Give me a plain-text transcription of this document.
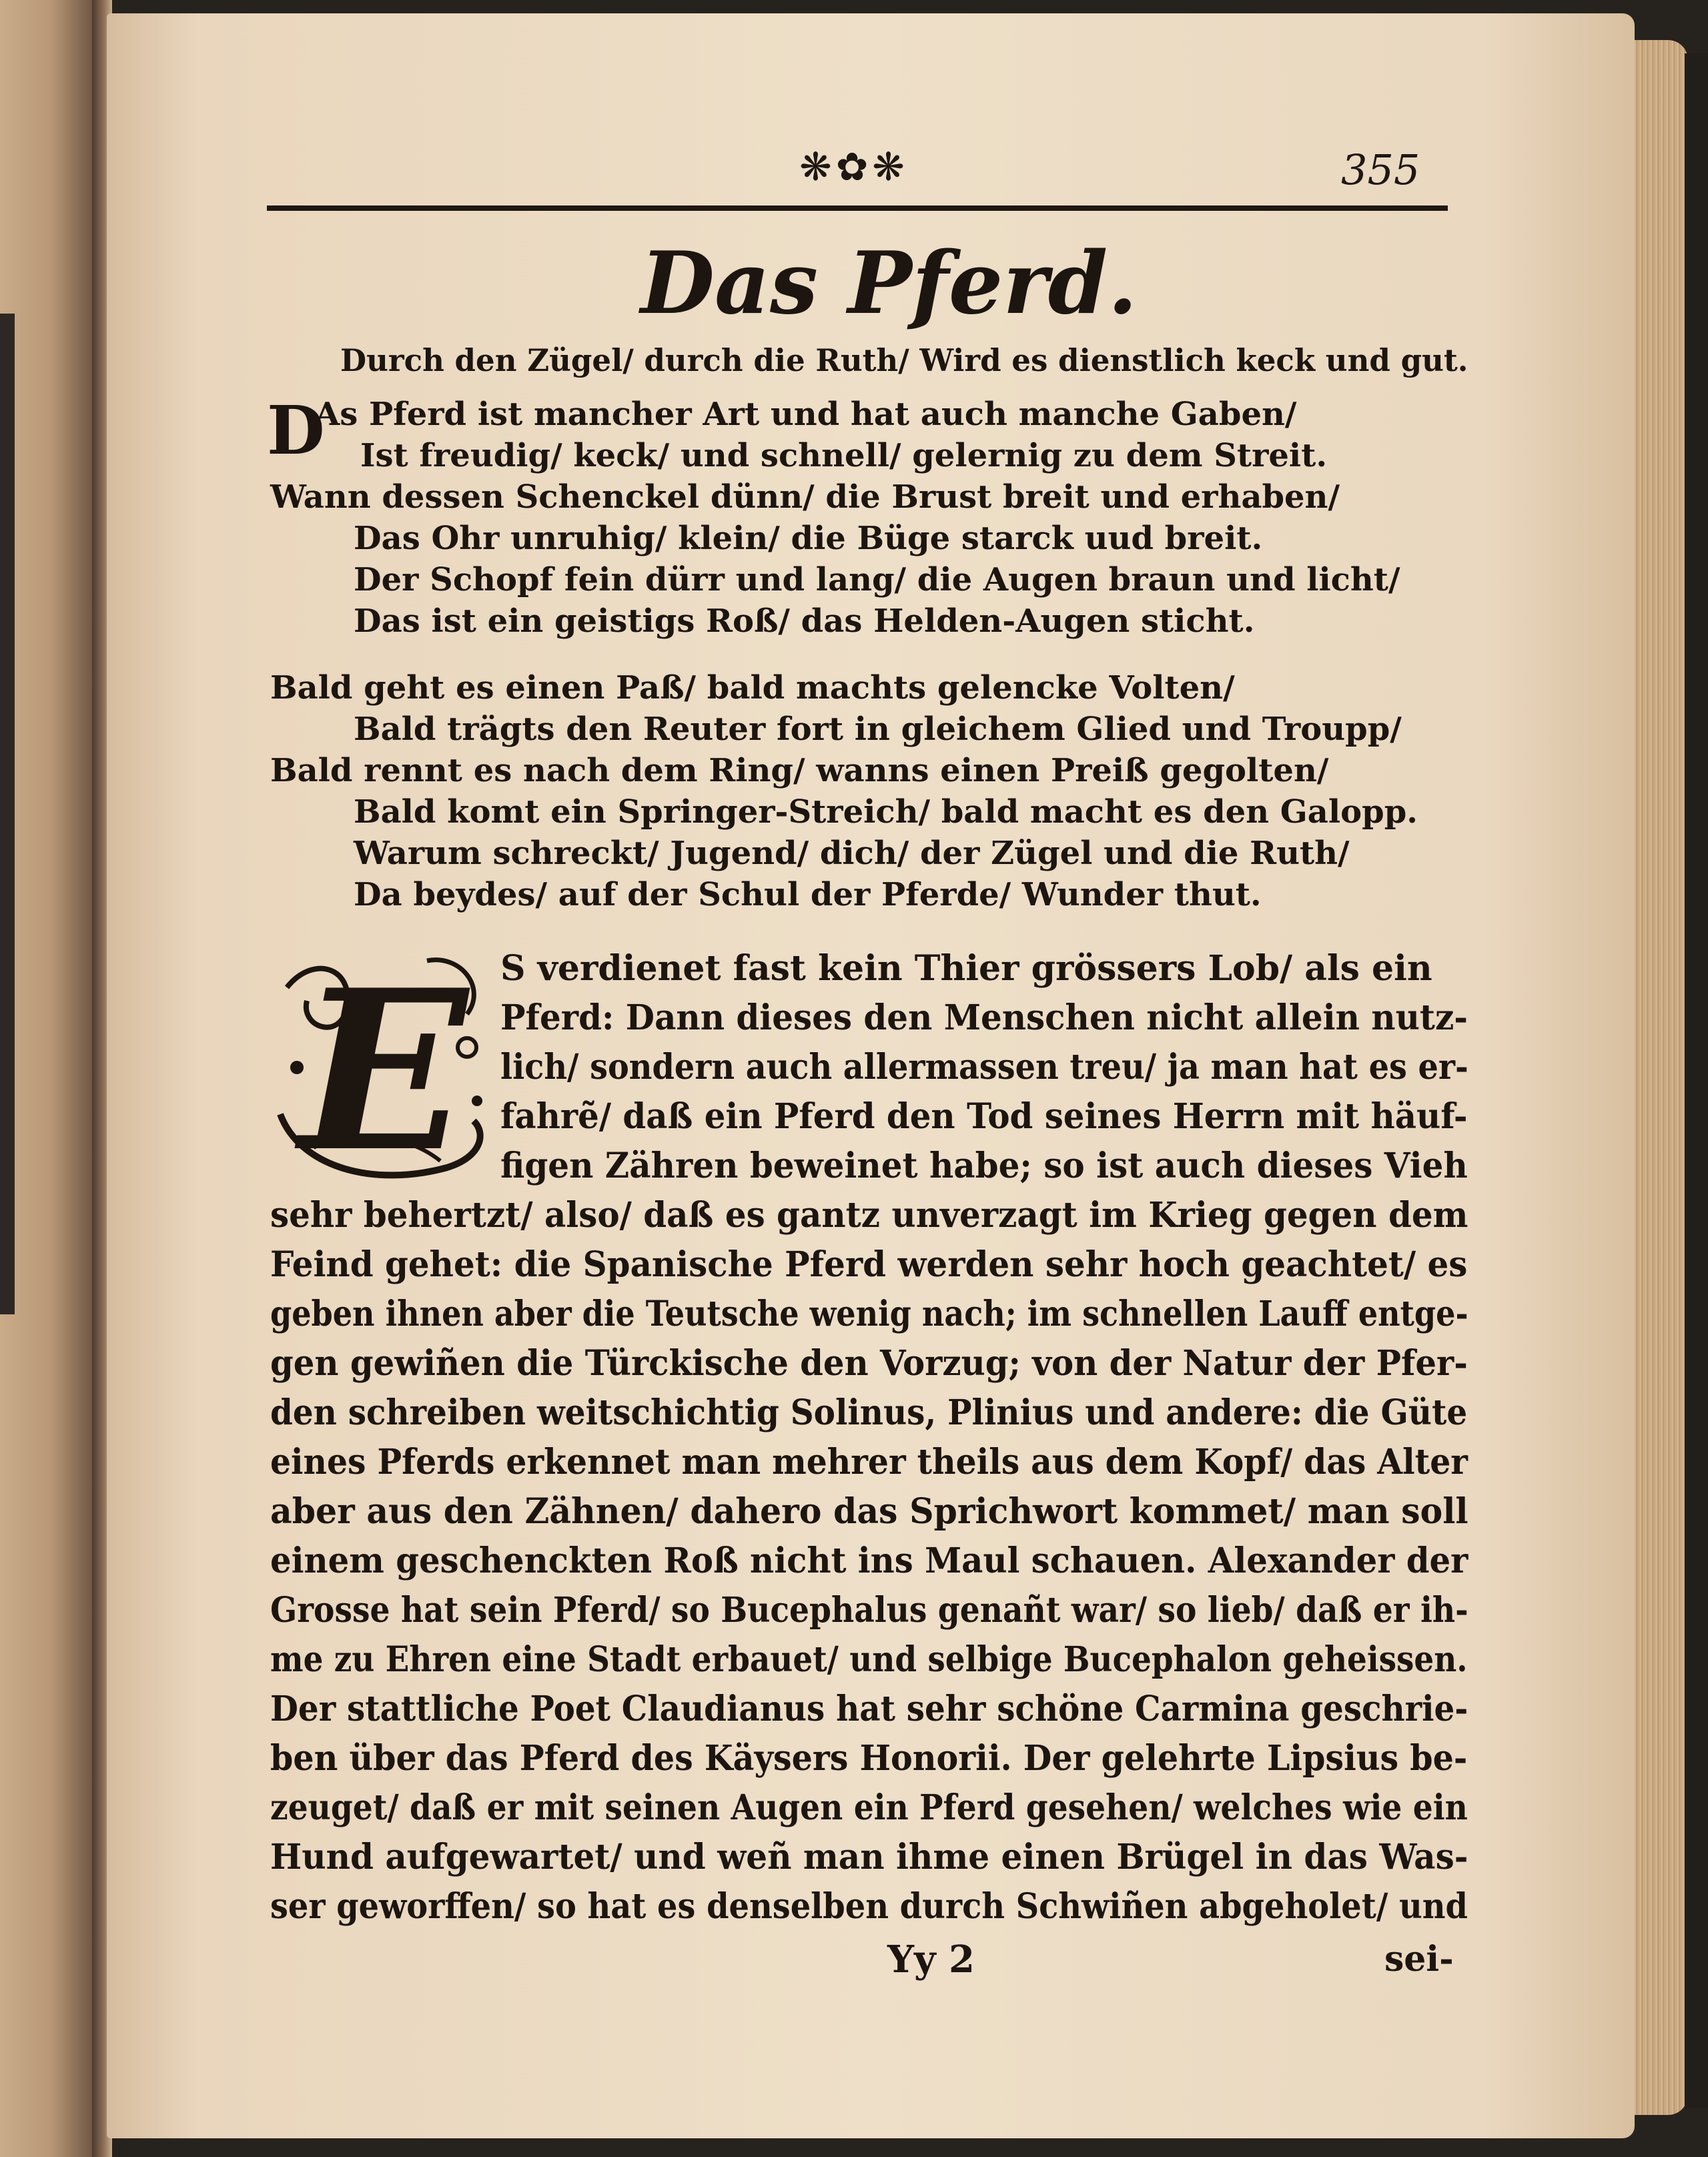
❋✿❋	355
Das Pferd.
Durch den Zügel/ durch die Ruth/ Wird es dienstlich keck und gut.
D
As Pferd ist mancher Art und hat auch manche Gaben/
Ist freudig/ keck/ und schnell/ gelernig zu dem Streit.
Wann dessen Schenckel dünn/ die Brust breit und erhaben/
Das Ohr unruhig/ klein/ die Büge starck uud breit.
Der Schopf fein dürr und lang/ die Augen braun und licht/
Das ist ein geistigs Roß/ das Helden-Augen sticht.
Bald geht es einen Paß/ bald machts gelencke Volten/
Bald trägts den Reuter fort in gleichem Glied und Troupp/
Bald rennt es nach dem Ring/ wanns einen Preiß gegolten/
Bald komt ein Springer-Streich/ bald macht es den Galopp.
Warum schreckt/ Jugend/ dich/ der Zügel und die Ruth/
Da beydes/ auf der Schul der Pferde/ Wunder thut.
E S verdienet fast kein Thier grössers Lob/ als ein
Pferd: Dann dieses den Menschen nicht allein nutz-
lich/ sondern auch allermassen treu/ ja man hat es er-
fahrẽ/ daß ein Pferd den Tod seines Herrn mit häuf-
figen Zähren beweinet habe; so ist auch dieses Vieh
sehr behertzt/ also/ daß es gantz unverzagt im Krieg gegen dem
Feind gehet: die Spanische Pferd werden sehr hoch geachtet/ es
geben ihnen aber die Teutsche wenig nach; im schnellen Lauff entge-
gen gewiñen die Türckische den Vorzug; von der Natur der Pfer-
den schreiben weitschichtig Solinus, Plinius und andere: die Güte
eines Pferds erkennet man mehrer theils aus dem Kopf/ das Alter
aber aus den Zähnen/ dahero das Sprichwort kommet/ man soll
einem geschenckten Roß nicht ins Maul schauen. Alexander der
Grosse hat sein Pferd/ so Bucephalus genañt war/ so lieb/ daß er ih-
me zu Ehren eine Stadt erbauet/ und selbige Bucephalon geheissen.
Der stattliche Poet Claudianus hat sehr schöne Carmina geschrie-
ben über das Pferd des Käysers Honorii. Der gelehrte Lipsius be-
zeuget/ daß er mit seinen Augen ein Pferd gesehen/ welches wie ein
Hund aufgewartet/ und weñ man ihme einen Brügel in das Was-
ser geworffen/ so hat es denselben durch Schwiñen abgeholet/ und
Yy 2	sei-
